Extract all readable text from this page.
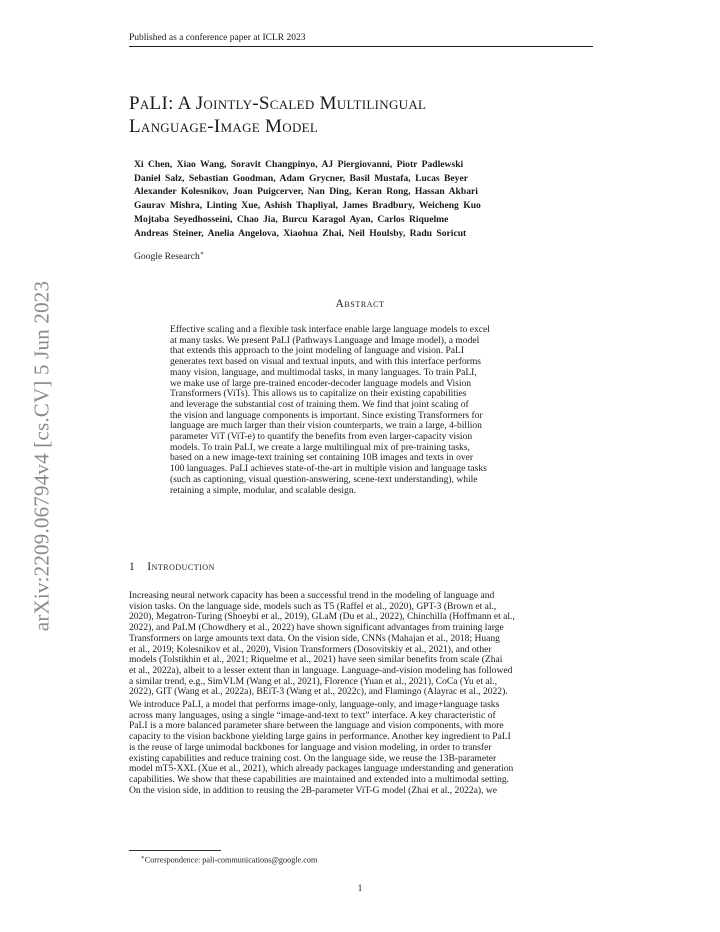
Published as a conference paper at ICLR 2023
arXiv:2209.06794v4 [cs.CV] 5 Jun 2023
PaLI: A Jointly-Scaled Multilingual
Language-Image Model
Xi Chen, Xiao Wang, Soravit Changpinyo, AJ Piergiovanni, Piotr Padlewski
Daniel Salz, Sebastian Goodman, Adam Grycner, Basil Mustafa, Lucas Beyer
Alexander Kolesnikov, Joan Puigcerver, Nan Ding, Keran Rong, Hassan Akbari
Gaurav Mishra, Linting Xue, Ashish Thapliyal, James Bradbury, Weicheng Kuo
Mojtaba Seyedhosseini, Chao Jia, Burcu Karagol Ayan, Carlos Riquelme
Andreas Steiner, Anelia Angelova, Xiaohua Zhai, Neil Houlsby, Radu Soricut
Google Research∗
Abstract
Effective scaling and a flexible task interface enable large language models to excel
at many tasks. We present PaLI (Pathways Language and Image model), a model
that extends this approach to the joint modeling of language and vision. PaLI
generates text based on visual and textual inputs, and with this interface performs
many vision, language, and multimodal tasks, in many languages. To train PaLI,
we make use of large pre-trained encoder-decoder language models and Vision
Transformers (ViTs). This allows us to capitalize on their existing capabilities
and leverage the substantial cost of training them. We find that joint scaling of
the vision and language components is important. Since existing Transformers for
language are much larger than their vision counterparts, we train a large, 4-billion
parameter ViT (ViT-e) to quantify the benefits from even larger-capacity vision
models. To train PaLI, we create a large multilingual mix of pre-training tasks,
based on a new image-text training set containing 10B images and texts in over
100 languages. PaLI achieves state-of-the-art in multiple vision and language tasks
(such as captioning, visual question-answering, scene-text understanding), while
retaining a simple, modular, and scalable design.
1 Introduction
Increasing neural network capacity has been a successful trend in the modeling of language and
vision tasks. On the language side, models such as T5 (Raffel et al., 2020), GPT-3 (Brown et al.,
2020), Megatron-Turing (Shoeybi et al., 2019), GLaM (Du et al., 2022), Chinchilla (Hoffmann et al.,
2022), and PaLM (Chowdhery et al., 2022) have shown significant advantages from training large
Transformers on large amounts text data. On the vision side, CNNs (Mahajan et al., 2018; Huang
et al., 2019; Kolesnikov et al., 2020), Vision Transformers (Dosovitskiy et al., 2021), and other
models (Tolstikhin et al., 2021; Riquelme et al., 2021) have seen similar benefits from scale (Zhai
et al., 2022a), albeit to a lesser extent than in language. Language-and-vision modeling has followed
a similar trend, e.g., SimVLM (Wang et al., 2021), Florence (Yuan et al., 2021), CoCa (Yu et al.,
2022), GIT (Wang et al., 2022a), BEiT-3 (Wang et al., 2022c), and Flamingo (Alayrac et al., 2022).
We introduce PaLI, a model that performs image-only, language-only, and image+language tasks
across many languages, using a single “image-and-text to text” interface. A key characteristic of
PaLI is a more balanced parameter share between the language and vision components, with more
capacity to the vision backbone yielding large gains in performance. Another key ingredient to PaLI
is the reuse of large unimodal backbones for language and vision modeling, in order to transfer
existing capabilities and reduce training cost. On the language side, we reuse the 13B-parameter
model mT5-XXL (Xue et al., 2021), which already packages language understanding and generation
capabilities. We show that these capabilities are maintained and extended into a multimodal setting.
On the vision side, in addition to reusing the 2B-parameter ViT-G model (Zhai et al., 2022a), we
∗Correspondence: pali-communications@google.com
1
